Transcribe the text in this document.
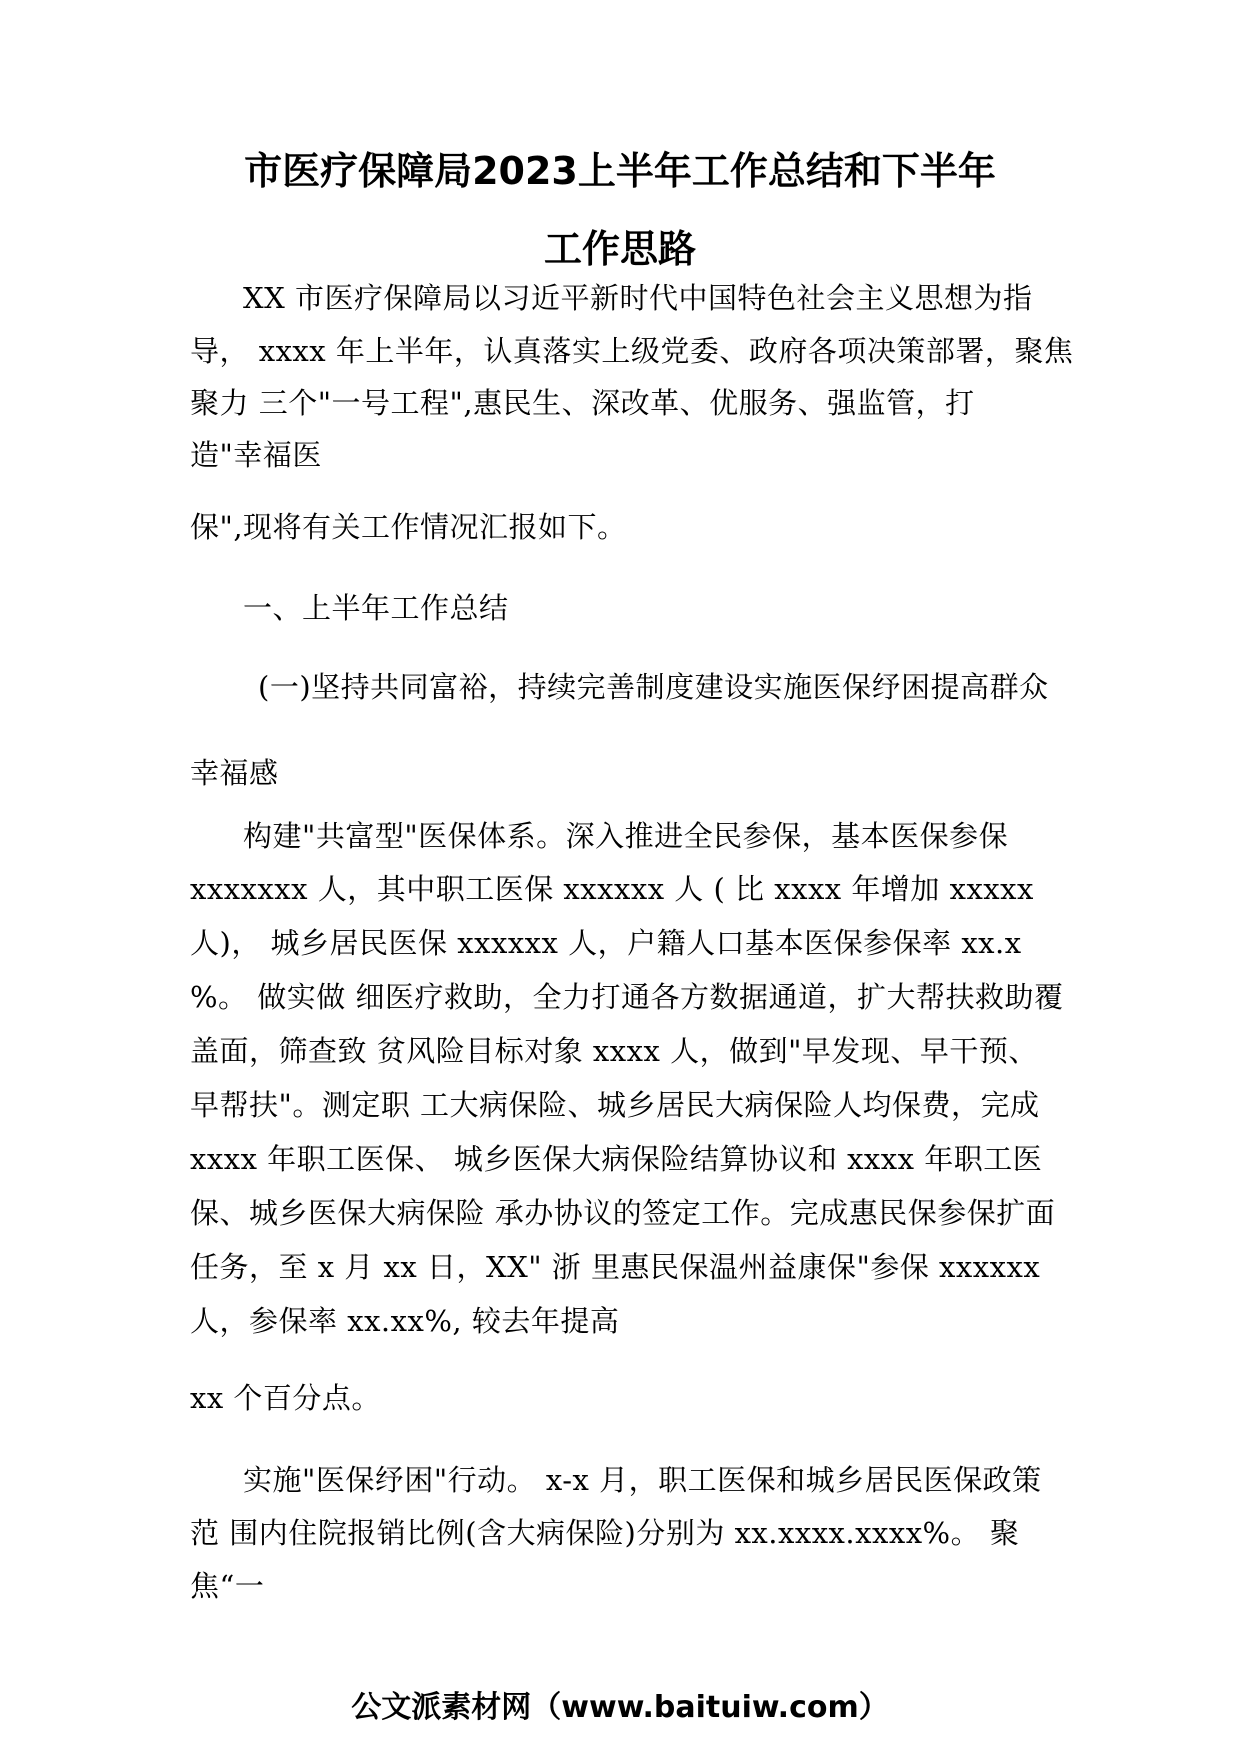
市医疗保障局2023上半年工作总结和下半年
工作思路
XX 市医疗保障局以习近平新时代中国特色社会主义思想为指
导， xxxx 年上半年，认真落实上级党委、政府各项决策部署，聚焦
聚力 三个"一号工程",惠民生、深改革、优服务、强监管，打
造"幸福医
保",现将有关工作情况汇报如下。
一、上半年工作总结
(一)坚持共同富裕，持续完善制度建设实施医保纾困提高群众
幸福感
构建"共富型"医保体系。深入推进全民参保，基本医保参保
xxxxxxx 人，其中职工医保 xxxxxx 人 ( 比 xxxx 年增加 xxxxx
人)， 城乡居民医保 xxxxxx 人，户籍人口基本医保参保率 xx.x
%。 做实做 细医疗救助，全力打通各方数据通道，扩大帮扶救助覆
盖面，筛查致 贫风险目标对象 xxxx 人，做到"早发现、早干预、
早帮扶"。测定职 工大病保险、城乡居民大病保险人均保费，完成
xxxx 年职工医保、 城乡医保大病保险结算协议和 xxxx 年职工医
保、城乡医保大病保险 承办协议的签定工作。完成惠民保参保扩面
任务，至 x 月 xx 日，XX" 浙 里惠民保温州益康保"参保 xxxxxx
人，参保率 xx.xx%, 较去年提高
xx 个百分点。
实施"医保纾困"行动。 x-x 月，职工医保和城乡居民医保政策
范 围内住院报销比例(含大病保险)分别为 xx.xxxx.xxxx%。 聚
焦“一
公文派素材网（www.baituiw.com）
